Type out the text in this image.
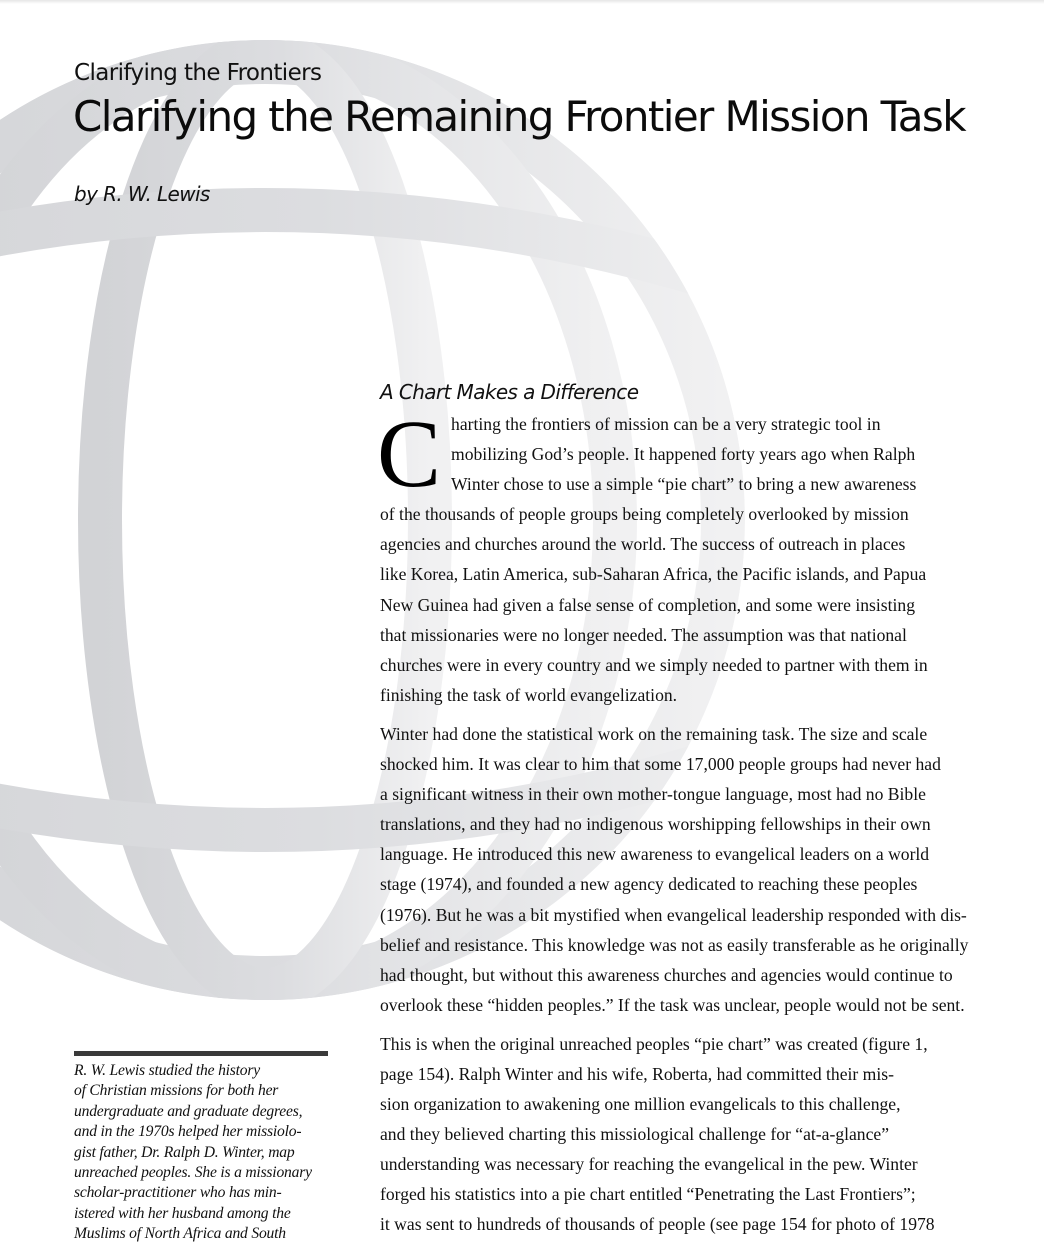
Clarifying the Frontiers
Clarifying the Remaining Frontier Mission Task
by R. W. Lewis
A Chart Makes a Difference
C harting the frontiers of mission can be a very strategic tool in
mobilizing God’s people. It happened forty years ago when Ralph
Winter chose to use a simple “pie chart” to bring a new awareness
of the thousands of people groups being completely overlooked by mission
agencies and churches around the world. The success of outreach in places
like Korea, Latin America, sub-Saharan Africa, the Pacific islands, and Papua
New Guinea had given a false sense of completion, and some were insisting
that missionaries were no longer needed. The assumption was that national
churches were in every country and we simply needed to partner with them in
finishing the task of world evangelization.
Winter had done the statistical work on the remaining task. The size and scale
shocked him. It was clear to him that some 17,000 people groups had never had
a significant witness in their own mother-tongue language, most had no Bible
translations, and they had no indigenous worshipping fellowships in their own
language. He introduced this new awareness to evangelical leaders on a world
stage (1974), and founded a new agency dedicated to reaching these peoples
(1976). But he was a bit mystified when evangelical leadership responded with dis-
belief and resistance. This knowledge was not as easily transferable as he originally
had thought, but without this awareness churches and agencies would continue to
overlook these “hidden peoples.” If the task was unclear, people would not be sent.
This is when the original unreached peoples “pie chart” was created (figure 1,
page 154). Ralph Winter and his wife, Roberta, had committed their mis-
sion organization to awakening one million evangelicals to this challenge,
and they believed charting this missiological challenge for “at-a-glance”
understanding was necessary for reaching the evangelical in the pew. Winter
forged his statistics into a pie chart entitled “Penetrating the Last Frontiers”;
it was sent to hundreds of thousands of people (see page 154 for photo of 1978
R. W. Lewis studied the history
of Christian missions for both her
undergraduate and graduate degrees,
and in the 1970s helped her missiolo-
gist father, Dr. Ralph D. Winter, map
unreached peoples. She is a missionary
scholar-practitioner who has min-
istered with her husband among the
Muslims of North Africa and South
